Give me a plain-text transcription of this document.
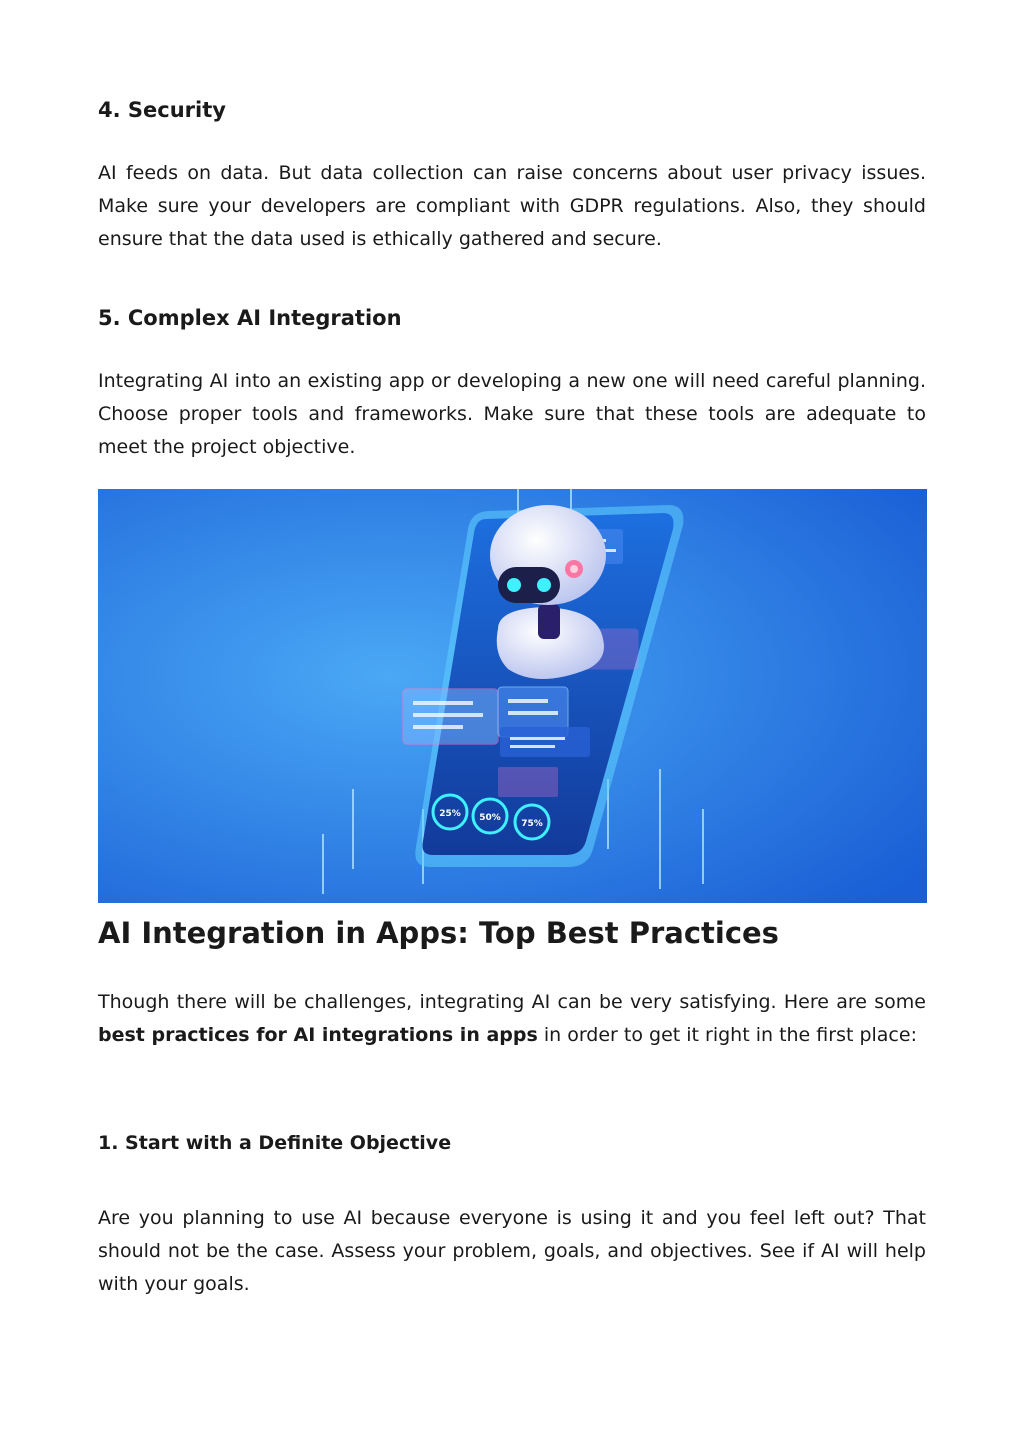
4. Security

AI feeds on data. But data collection can raise concerns about user privacy issues. Make sure your developers are compliant with GDPR regulations. Also, they should ensure that the data used is ethically gathered and secure.

5. Complex AI Integration

Integrating AI into an existing app or developing a new one will need careful planning. Choose proper tools and frameworks. Make sure that these tools are adequate to meet the project objective.

25% 50%
75%
AI Integration in Apps: Top Best Practices

Though there will be challenges, integrating AI can be very satisfying. Here are some best practices for AI integrations in apps in order to get it right in the first place:

1. Start with a Definite Objective

Are you planning to use AI because everyone is using it and you feel left out? That should not be the case. Assess your problem, goals, and objectives. See if AI will help with your goals.
